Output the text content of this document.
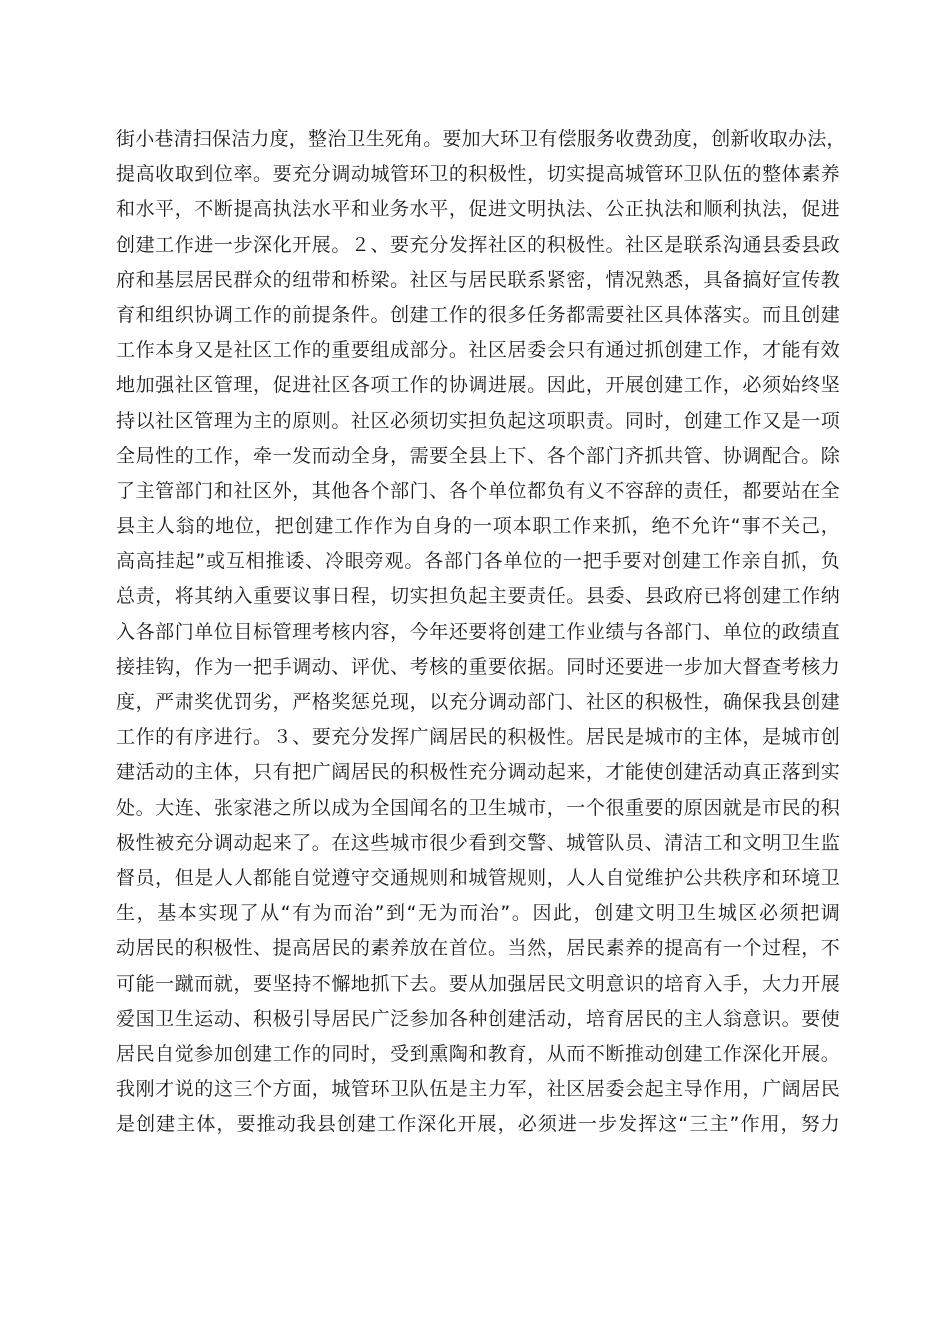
街小巷清扫保洁力度，整治卫生死角。要加大环卫有偿服务收费劲度，创新收取办法，
提高收取到位率。要充分调动城管环卫的积极性，切实提高城管环卫队伍的整体素养
和水平，不断提高执法水平和业务水平，促进文明执法、公正执法和顺利执法，促进
创建工作进一步深化开展。２、要充分发挥社区的积极性。社区是联系沟通县委县政
府和基层居民群众的纽带和桥梁。社区与居民联系紧密，情况熟悉，具备搞好宣传教
育和组织协调工作的前提条件。创建工作的很多任务都需要社区具体落实。而且创建
工作本身又是社区工作的重要组成部分。社区居委会只有通过抓创建工作，才能有效
地加强社区管理，促进社区各项工作的协调进展。因此，开展创建工作，必须始终坚
持以社区管理为主的原则。社区必须切实担负起这项职责。同时，创建工作又是一项
全局性的工作，牵一发而动全身，需要全县上下、各个部门齐抓共管、协调配合。除
了主管部门和社区外，其他各个部门、各个单位都负有义不容辞的责任，都要站在全
县主人翁的地位，把创建工作作为自身的一项本职工作来抓，绝不允许“事不关己，
高高挂起”或互相推诿、冷眼旁观。各部门各单位的一把手要对创建工作亲自抓，负
总责，将其纳入重要议事日程，切实担负起主要责任。县委、县政府已将创建工作纳
入各部门单位目标管理考核内容，今年还要将创建工作业绩与各部门、单位的政绩直
接挂钩，作为一把手调动、评优、考核的重要依据。同时还要进一步加大督查考核力
度，严肃奖优罚劣，严格奖惩兑现，以充分调动部门、社区的积极性，确保我县创建
工作的有序进行。３、要充分发挥广阔居民的积极性。居民是城市的主体，是城市创
建活动的主体，只有把广阔居民的积极性充分调动起来，才能使创建活动真正落到实
处。大连、张家港之所以成为全国闻名的卫生城市，一个很重要的原因就是市民的积
极性被充分调动起来了。在这些城市很少看到交警、城管队员、清洁工和文明卫生监
督员，但是人人都能自觉遵守交通规则和城管规则，人人自觉维护公共秩序和环境卫
生，基本实现了从“有为而治”到“无为而治”。因此，创建文明卫生城区必须把调
动居民的积极性、提高居民的素养放在首位。当然，居民素养的提高有一个过程，不
可能一蹴而就，要坚持不懈地抓下去。要从加强居民文明意识的培育入手，大力开展
爱国卫生运动、积极引导居民广泛参加各种创建活动，培育居民的主人翁意识。要使
居民自觉参加创建工作的同时，受到熏陶和教育，从而不断推动创建工作深化开展。
我刚才说的这三个方面，城管环卫队伍是主力军，社区居委会起主导作用，广阔居民
是创建主体，要推动我县创建工作深化开展，必须进一步发挥这“三主”作用，努力
